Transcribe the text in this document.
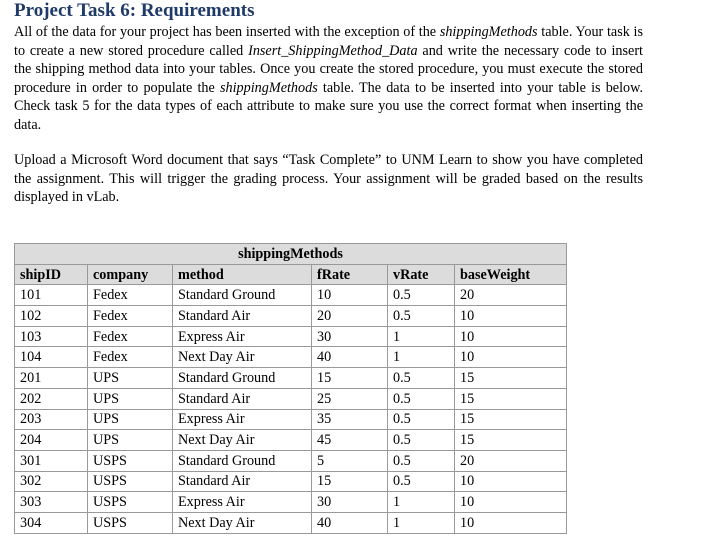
Project Task 6: Requirements

All of the data for your project has been inserted with the exception of the shippingMethods table. Your task is to create a new stored procedure called Insert_ShippingMethod_Data and write the necessary code to insert the shipping method data into your tables. Once you create the stored procedure, you must execute the stored procedure in order to populate the shippingMethods table. The data to be inserted into your table is below. Check task 5 for the data types of each attribute to make sure you use the correct format when inserting the data.

Upload a Microsoft Word document that says “Task Complete” to UNM Learn to show you have completed the assignment. This will trigger the grading process. Your assignment will be graded based on the results displayed in vLab.

shippingMethods					
shipID	company	method	fRate	vRate	baseWeight
101	Fedex	Standard Ground	10	0.5	20
102	Fedex	Standard Air	20	0.5	10
103	Fedex	Express Air	30	1	10
104	Fedex	Next Day Air	40	1	10
201	UPS	Standard Ground	15	0.5	15
202	UPS	Standard Air	25	0.5	15
203	UPS	Express Air	35	0.5	15
204	UPS	Next Day Air	45	0.5	15
301	USPS	Standard Ground	5	0.5	20
302	USPS	Standard Air	15	0.5	10
303	USPS	Express Air	30	1	10
304	USPS	Next Day Air	40	1	10
